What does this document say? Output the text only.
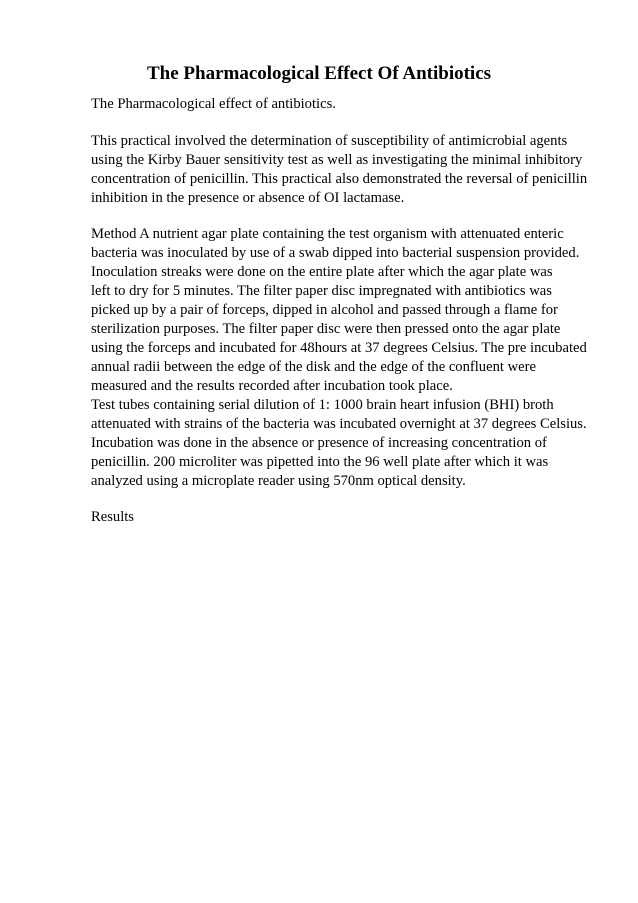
The Pharmacological Effect Of Antibiotics

The Pharmacological effect of antibiotics.

This practical involved the determination of susceptibility of antimicrobial agents

using the Kirby Bauer sensitivity test as well as investigating the minimal inhibitory

concentration of penicillin. This practical also demonstrated the reversal of penicillin

inhibition in the presence or absence of OI lactamase.

Method A nutrient agar plate containing the test organism with attenuated enteric

bacteria was inoculated by use of a swab dipped into bacterial suspension provided.

Inoculation streaks were done on the entire plate after which the agar plate was

left to dry for 5 minutes. The filter paper disc impregnated with antibiotics was

picked up by a pair of forceps, dipped in alcohol and passed through a flame for

sterilization purposes. The filter paper disc were then pressed onto the agar plate

using the forceps and incubated for 48hours at 37 degrees Celsius. The pre incubated

annual radii between the edge of the disk and the edge of the confluent were

measured and the results recorded after incubation took place.

Test tubes containing serial dilution of 1: 1000 brain heart infusion (BHI) broth

attenuated with strains of the bacteria was incubated overnight at 37 degrees Celsius.

Incubation was done in the absence or presence of increasing concentration of

penicillin. 200 microliter was pipetted into the 96 well plate after which it was

analyzed using a microplate reader using 570nm optical density.

Results
